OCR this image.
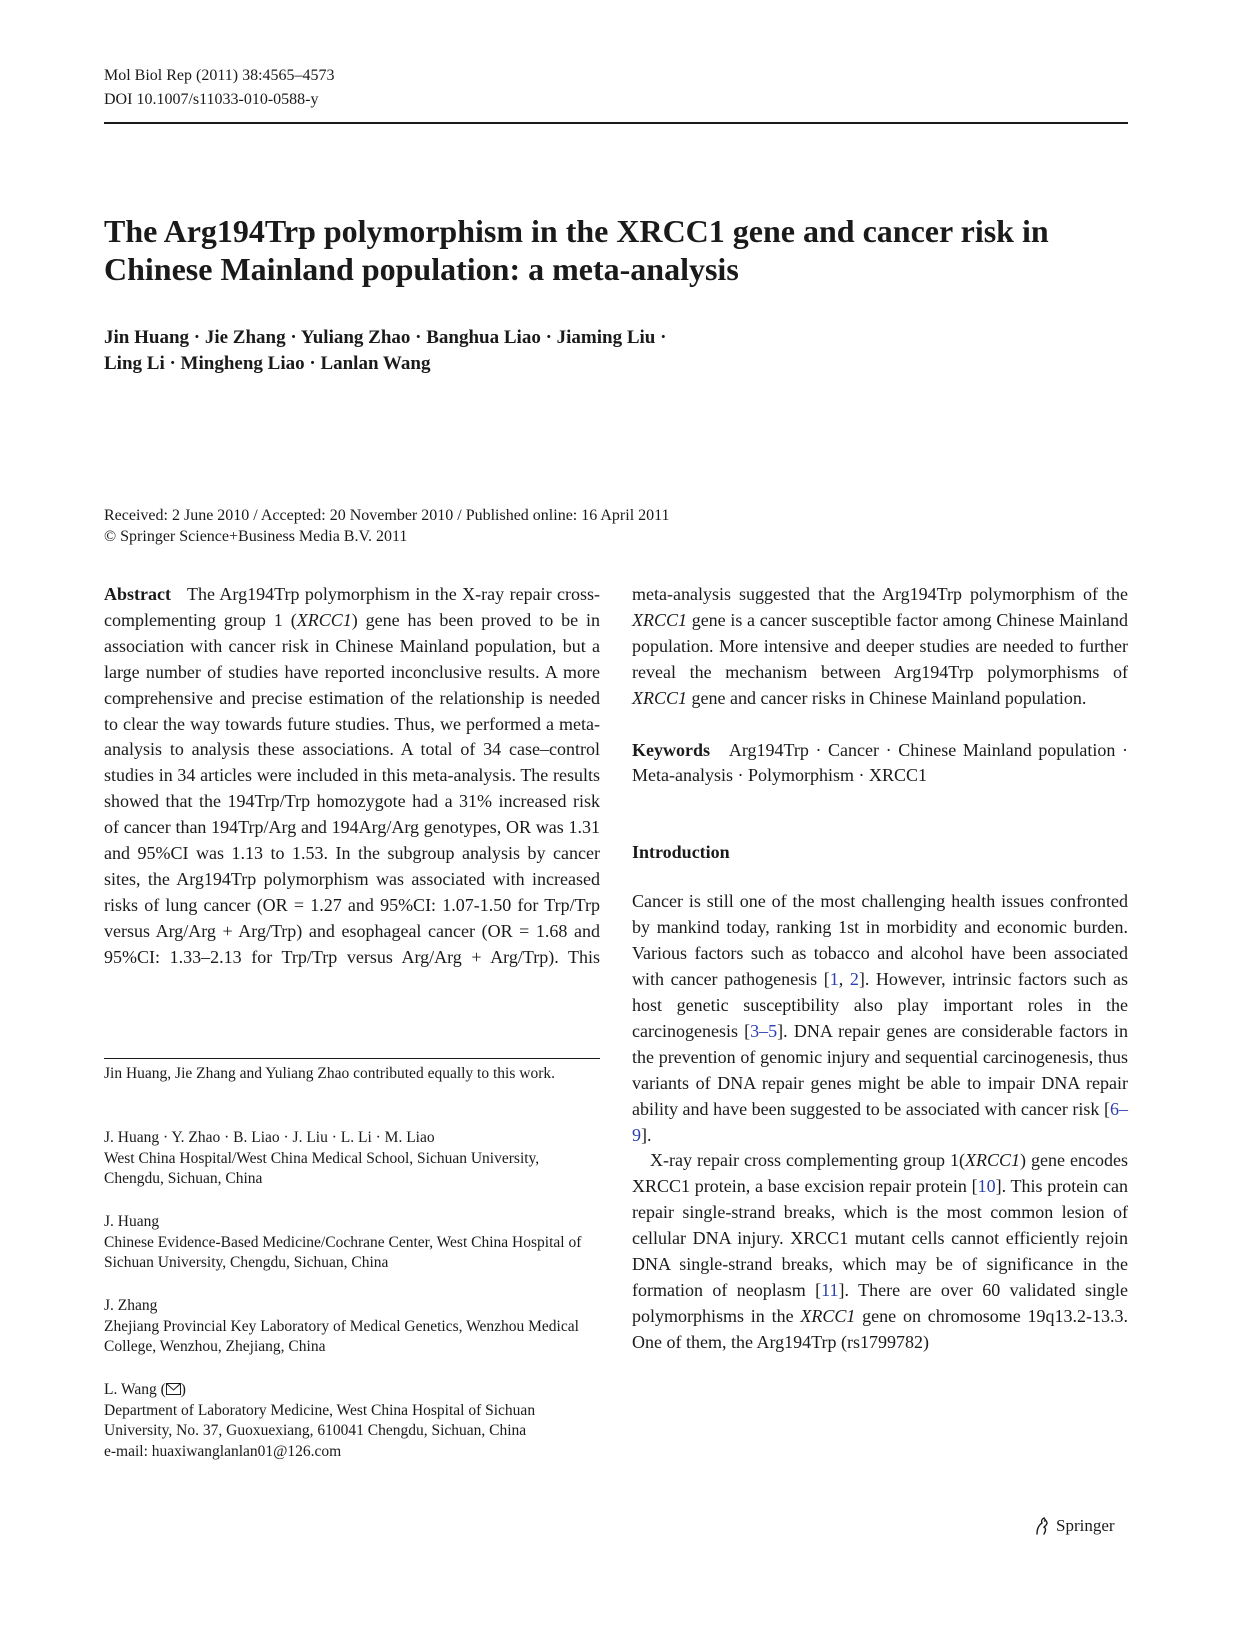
Mol Biol Rep (2011) 38:4565–4573
DOI 10.1007/s11033-010-0588-y
The Arg194Trp polymorphism in the XRCC1 gene and cancer risk in Chinese Mainland population: a meta-analysis
Jin Huang · Jie Zhang · Yuliang Zhao · Banghua Liao · Jiaming Liu · Ling Li · Mingheng Liao · Lanlan Wang
Received: 2 June 2010 / Accepted: 20 November 2010 / Published online: 16 April 2011
© Springer Science+Business Media B.V. 2011

Abstract The Arg194Trp polymorphism in the X-ray repair cross-complementing group 1 (XRCC1) gene has been proved to be in association with cancer risk in Chinese Mainland population, but a large number of studies have reported inconclusive results. A more comprehensive and precise estimation of the relationship is needed to clear the way towards future studies. Thus, we performed a meta-analysis to analysis these associations. A total of 34 case–control studies in 34 articles were included in this meta-analysis. The results showed that the 194Trp/Trp homozygote had a 31% increased risk of cancer than 194Trp/Arg and 194Arg/Arg genotypes, OR was 1.31 and 95%CI was 1.13 to 1.53. In the subgroup analysis by cancer sites, the Arg194Trp polymorphism was associated with increased risks of lung cancer (OR = 1.27 and 95%CI: 1.07-1.50 for Trp/Trp versus Arg/Arg + Arg/Trp) and esophageal cancer (OR = 1.68 and 95%CI: 1.33–2.13 for Trp/Trp versus Arg/Arg + Arg/Trp). This

Jin Huang, Jie Zhang and Yuliang Zhao contributed equally to this work.

J. Huang · Y. Zhao · B. Liao · J. Liu · L. Li · M. Liao

West China Hospital/West China Medical School, Sichuan University, Chengdu, Sichuan, China

J. Huang

Chinese Evidence-Based Medicine/Cochrane Center, West China Hospital of Sichuan University, Chengdu, Sichuan, China

J. Zhang

Zhejiang Provincial Key Laboratory of Medical Genetics, Wenzhou Medical College, Wenzhou, Zhejiang, China

L. Wang ( )

Department of Laboratory Medicine, West China Hospital of Sichuan University, No. 37, Guoxuexiang, 610041 Chengdu, Sichuan, China

e-mail: huaxiwanglanlan01@126.com

meta-analysis suggested that the Arg194Trp polymorphism of the XRCC1 gene is a cancer susceptible factor among Chinese Mainland population. More intensive and deeper studies are needed to further reveal the mechanism between Arg194Trp polymorphisms of XRCC1 gene and cancer risks in Chinese Mainland population.

Keywords Arg194Trp · Cancer · Chinese Mainland population · Meta-analysis · Polymorphism · XRCC1

Introduction

Cancer is still one of the most challenging health issues confronted by mankind today, ranking 1st in morbidity and economic burden. Various factors such as tobacco and alcohol have been associated with cancer pathogenesis [1, 2]. However, intrinsic factors such as host genetic susceptibility also play important roles in the carcinogenesis [3–5]. DNA repair genes are considerable factors in the prevention of genomic injury and sequential carcinogenesis, thus variants of DNA repair genes might be able to impair DNA repair ability and have been suggested to be associated with cancer risk [6–9].

X-ray repair cross complementing group 1(XRCC1) gene encodes XRCC1 protein, a base excision repair protein [10]. This protein can repair single-strand breaks, which is the most common lesion of cellular DNA injury. XRCC1 mutant cells cannot efficiently rejoin DNA single-strand breaks, which may be of significance in the formation of neoplasm [11]. There are over 60 validated single polymorphisms in the XRCC1 gene on chromosome 19q13.2-13.3. One of them, the Arg194Trp (rs1799782)

Springer
